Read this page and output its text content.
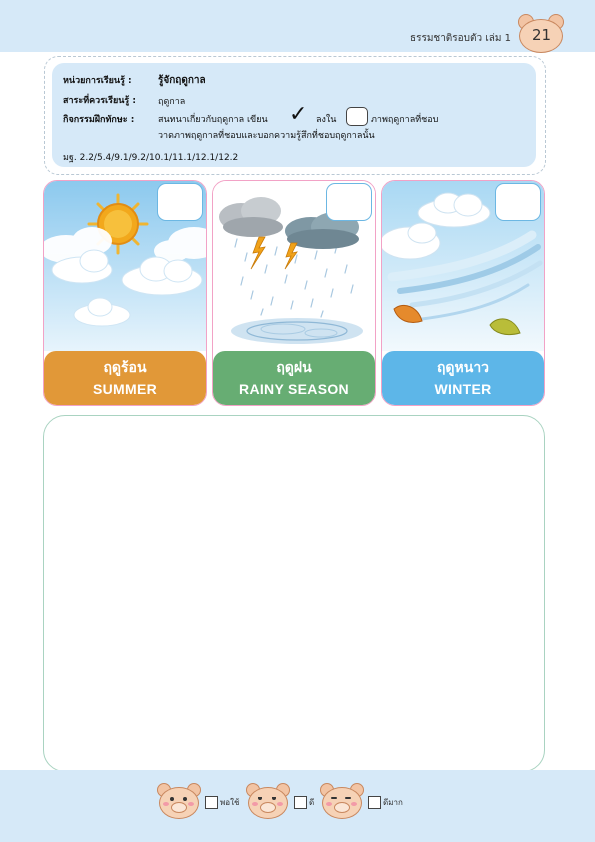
ธรรมชาติรอบตัว เล่ม 1	21
หน่วยการเรียนรู้ :	รู้จักฤดูกาล
สาระที่ควรเรียนรู้ : ฤดูกาล
กิจกรรมฝึกทักษะ :	สนทนาเกี่ยวกับฤดูกาล เขียน ✓ ลงใน	ภาพฤดูกาลที่ชอบ
วาดภาพฤดูกาลที่ชอบและบอกความรู้สึกที่ชอบฤดูกาลนั้น
มฐ. 2.2/5.4/9.1/9.2/10.1/11.1/12.1/12.2
ฤดูร้อน
SUMMER
ฤดูฝน
RAINY SEASON
ฤดูหนาว
WINTER
พอใช้	ดี	ดีมาก
